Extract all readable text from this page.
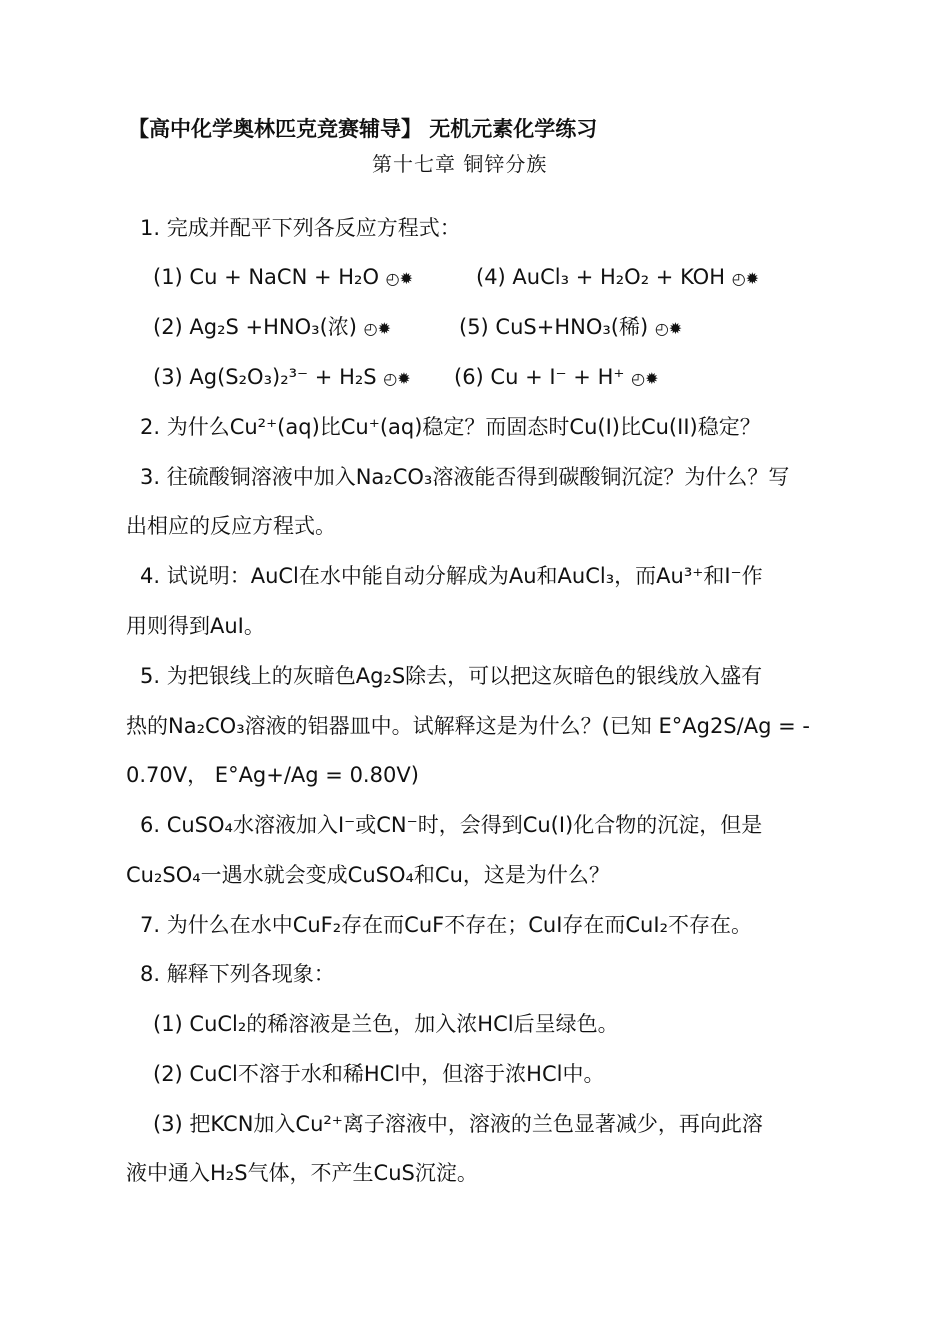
【高中化学奥林匹克竞赛辅导】 无机元素化学练习
第十七章 铜锌分族
1. 完成并配平下列各反应方程式：
(1) Cu + NaCN + H₂O ◴✹	(4) AuCl₃ + H₂O₂ + KOH ◴✹
(2) Ag₂S +HNO₃(浓) ◴✹	(5) CuS+HNO₃(稀) ◴✹
(3) Ag(S₂O₃)₂³⁻ + H₂S ◴✹ (6) Cu + I⁻ + H⁺ ◴✹
2. 为什么Cu²⁺(aq)比Cu⁺(aq)稳定？而固态时Cu(I)比Cu(II)稳定？
3. 往硫酸铜溶液中加入Na₂CO₃溶液能否得到碳酸铜沉淀？为什么？写
出相应的反应方程式。
4. 试说明：AuCl在水中能自动分解成为Au和AuCl₃，而Au³⁺和I⁻作
用则得到AuI。
5. 为把银线上的灰暗色Ag₂S除去，可以把这灰暗色的银线放入盛有
热的Na₂CO₃溶液的铝器皿中。试解释这是为什么？(已知 E°Ag2S/Ag = -
0.70V， E°Ag+/Ag = 0.80V)
6. CuSO₄水溶液加入I⁻或CN⁻时，会得到Cu(I)化合物的沉淀，但是
Cu₂SO₄一遇水就会变成CuSO₄和Cu，这是为什么？
7. 为什么在水中CuF₂存在而CuF不存在；CuI存在而CuI₂不存在。
8. 解释下列各现象：
(1) CuCl₂的稀溶液是兰色，加入浓HCl后呈绿色。
(2) CuCl不溶于水和稀HCl中，但溶于浓HCl中。
(3) 把KCN加入Cu²⁺离子溶液中，溶液的兰色显著减少，再向此溶
液中通入H₂S气体，不产生CuS沉淀。
